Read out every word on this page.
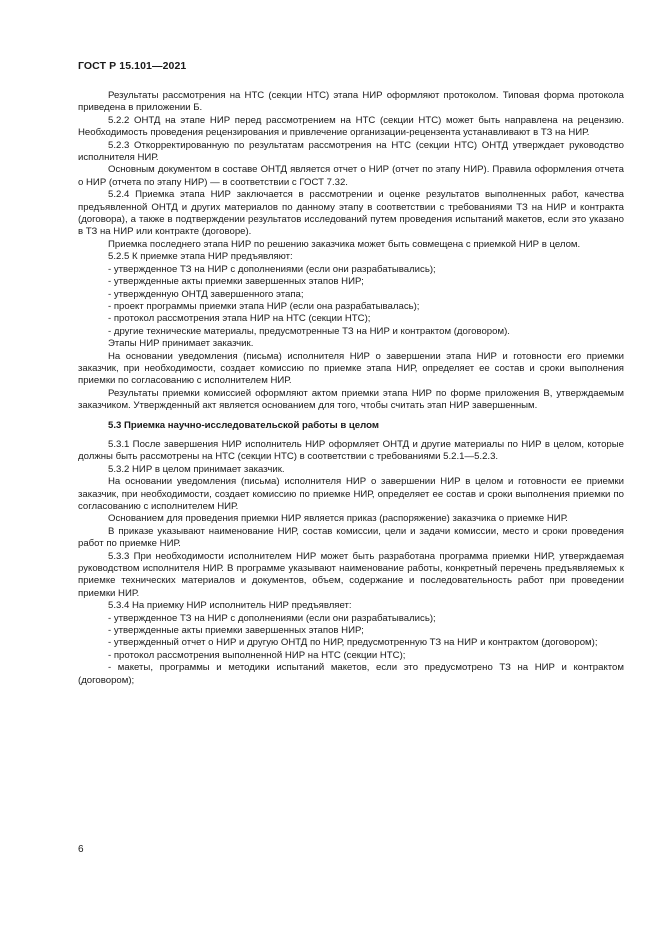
ГОСТ Р 15.101—2021

Результаты рассмотрения на НТС (секции НТС) этапа НИР оформляют протоколом. Типовая форма протокола приведена в приложении Б.

5.2.2 ОНТД на этапе НИР перед рассмотрением на НТС (секции НТС) может быть направлена на рецензию. Необходимость проведения рецензирования и привлечение организации-рецензента устанавливают в ТЗ на НИР.

5.2.3 Откорректированную по результатам рассмотрения на НТС (секции НТС) ОНТД утверждает руководство исполнителя НИР.

Основным документом в составе ОНТД является отчет о НИР (отчет по этапу НИР). Правила оформления отчета о НИР (отчета по этапу НИР) — в соответствии с ГОСТ 7.32.

5.2.4 Приемка этапа НИР заключается в рассмотрении и оценке результатов выполненных работ, качества предъявленной ОНТД и других материалов по данному этапу в соответствии с требованиями ТЗ на НИР и контракта (договора), а также в подтверждении результатов исследований путем проведения испытаний макетов, если это указано в ТЗ на НИР или контракте (договоре).

Приемка последнего этапа НИР по решению заказчика может быть совмещена с приемкой НИР в целом.

5.2.5 К приемке этапа НИР предъявляют:

- утвержденное ТЗ на НИР с дополнениями (если они разрабатывались);

- утвержденные акты приемки завершенных этапов НИР;

- утвержденную ОНТД завершенного этапа;

- проект программы приемки этапа НИР (если она разрабатывалась);

- протокол рассмотрения этапа НИР на НТС (секции НТС);

- другие технические материалы, предусмотренные ТЗ на НИР и контрактом (договором).

Этапы НИР принимает заказчик.

На основании уведомления (письма) исполнителя НИР о завершении этапа НИР и готовности его приемки заказчик, при необходимости, создает комиссию по приемке этапа НИР, определяет ее состав и сроки выполнения приемки по согласованию с исполнителем НИР.

Результаты приемки комиссией оформляют актом приемки этапа НИР по форме приложения В, утверждаемым заказчиком. Утвержденный акт является основанием для того, чтобы считать этап НИР завершенным.

5.3 Приемка научно-исследовательской работы в целом

5.3.1 После завершения НИР исполнитель НИР оформляет ОНТД и другие материалы по НИР в целом, которые должны быть рассмотрены на НТС (секции НТС) в соответствии с требованиями 5.2.1—5.2.3.

5.3.2 НИР в целом принимает заказчик.

На основании уведомления (письма) исполнителя НИР о завершении НИР в целом и готовности ее приемки заказчик, при необходимости, создает комиссию по приемке НИР, определяет ее состав и сроки выполнения приемки по согласованию с исполнителем НИР.

Основанием для проведения приемки НИР является приказ (распоряжение) заказчика о приемке НИР.

В приказе указывают наименование НИР, состав комиссии, цели и задачи комиссии, место и сроки проведения работ по приемке НИР.

5.3.3 При необходимости исполнителем НИР может быть разработана программа приемки НИР, утверждаемая руководством исполнителя НИР. В программе указывают наименование работы, конкретный перечень предъявляемых к приемке технических материалов и документов, объем, содержание и последовательность работ при проведении приемки НИР.

5.3.4 На приемку НИР исполнитель НИР предъявляет:

- утвержденное ТЗ на НИР с дополнениями (если они разрабатывались);

- утвержденные акты приемки завершенных этапов НИР;

- утвержденный отчет о НИР и другую ОНТД по НИР, предусмотренную ТЗ на НИР и контрактом (договором);

- протокол рассмотрения выполненной НИР на НТС (секции НТС);

- макеты, программы и методики испытаний макетов, если это предусмотрено ТЗ на НИР и контрактом (договором);

6
